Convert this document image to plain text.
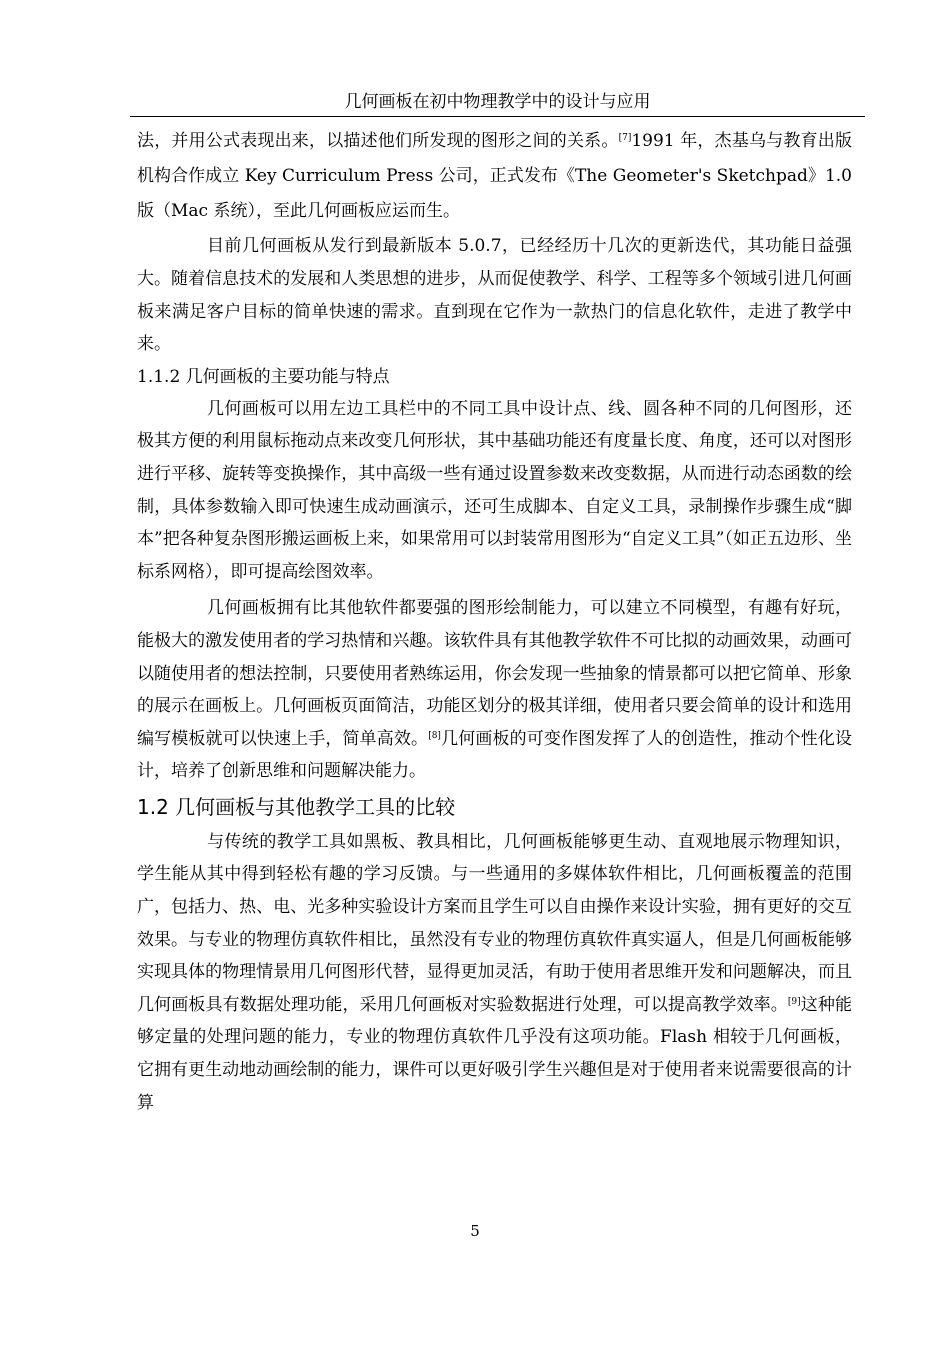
几何画板在初中物理教学中的设计与应用

法，并用公式表现出来，以描述他们所发现的图形之间的关系。[7]1991 年，杰基乌与教育出版机构合作成立 Key Curriculum Press 公司，正式发布《The Geometer's Sketchpad》1.0 版（Mac 系统），至此几何画板应运而生。

目前几何画板从发行到最新版本 5.0.7，已经经历十几次的更新迭代，其功能日益强大。随着信息技术的发展和人类思想的进步，从而促使教学、科学、工程等多个领域引进几何画板来满足客户目标的简单快速的需求。直到现在它作为一款热门的信息化软件，走进了教学中来。

1.1.2 几何画板的主要功能与特点

几何画板可以用左边工具栏中的不同工具中设计点、线、圆各种不同的几何图形，还极其方便的利用鼠标拖动点来改变几何形状，其中基础功能还有度量长度、角度，还可以对图形进行平移、旋转等变换操作，其中高级一些有通过设置参数来改变数据，从而进行动态函数的绘制，具体参数输入即可快速生成动画演示，还可生成脚本、自定义工具，录制操作步骤生成“脚本”把各种复杂图形搬运画板上来，如果常用可以封装常用图形为“自定义工具”（如正五边形、坐标系网格），即可提高绘图效率。

几何画板拥有比其他软件都要强的图形绘制能力，可以建立不同模型，有趣有好玩，能极大的激发使用者的学习热情和兴趣。该软件具有其他教学软件不可比拟的动画效果，动画可以随使用者的想法控制，只要使用者熟练运用，你会发现一些抽象的情景都可以把它简单、形象的展示在画板上。几何画板页面简洁，功能区划分的极其详细，使用者只要会简单的设计和选用编写模板就可以快速上手，简单高效。[8]几何画板的可变作图发挥了人的创造性，推动个性化设计，培养了创新思维和问题解决能力。

1.2 几何画板与其他教学工具的比较

与传统的教学工具如黑板、教具相比，几何画板能够更生动、直观地展示物理知识，学生能从其中得到轻松有趣的学习反馈。与一些通用的多媒体软件相比，几何画板覆盖的范围广，包括力、热、电、光多种实验设计方案而且学生可以自由操作来设计实验，拥有更好的交互效果。与专业的物理仿真软件相比，虽然没有专业的物理仿真软件真实逼人，但是几何画板能够实现具体的物理情景用几何图形代替，显得更加灵活，有助于使用者思维开发和问题解决，而且几何画板具有数据处理功能，采用几何画板对实验数据进行处理，可以提高教学效率。[9]这种能够定量的处理问题的能力，专业的物理仿真软件几乎没有这项功能。Flash 相较于几何画板，它拥有更生动地动画绘制的能力，课件可以更好吸引学生兴趣但是对于使用者来说需要很高的计算

5
